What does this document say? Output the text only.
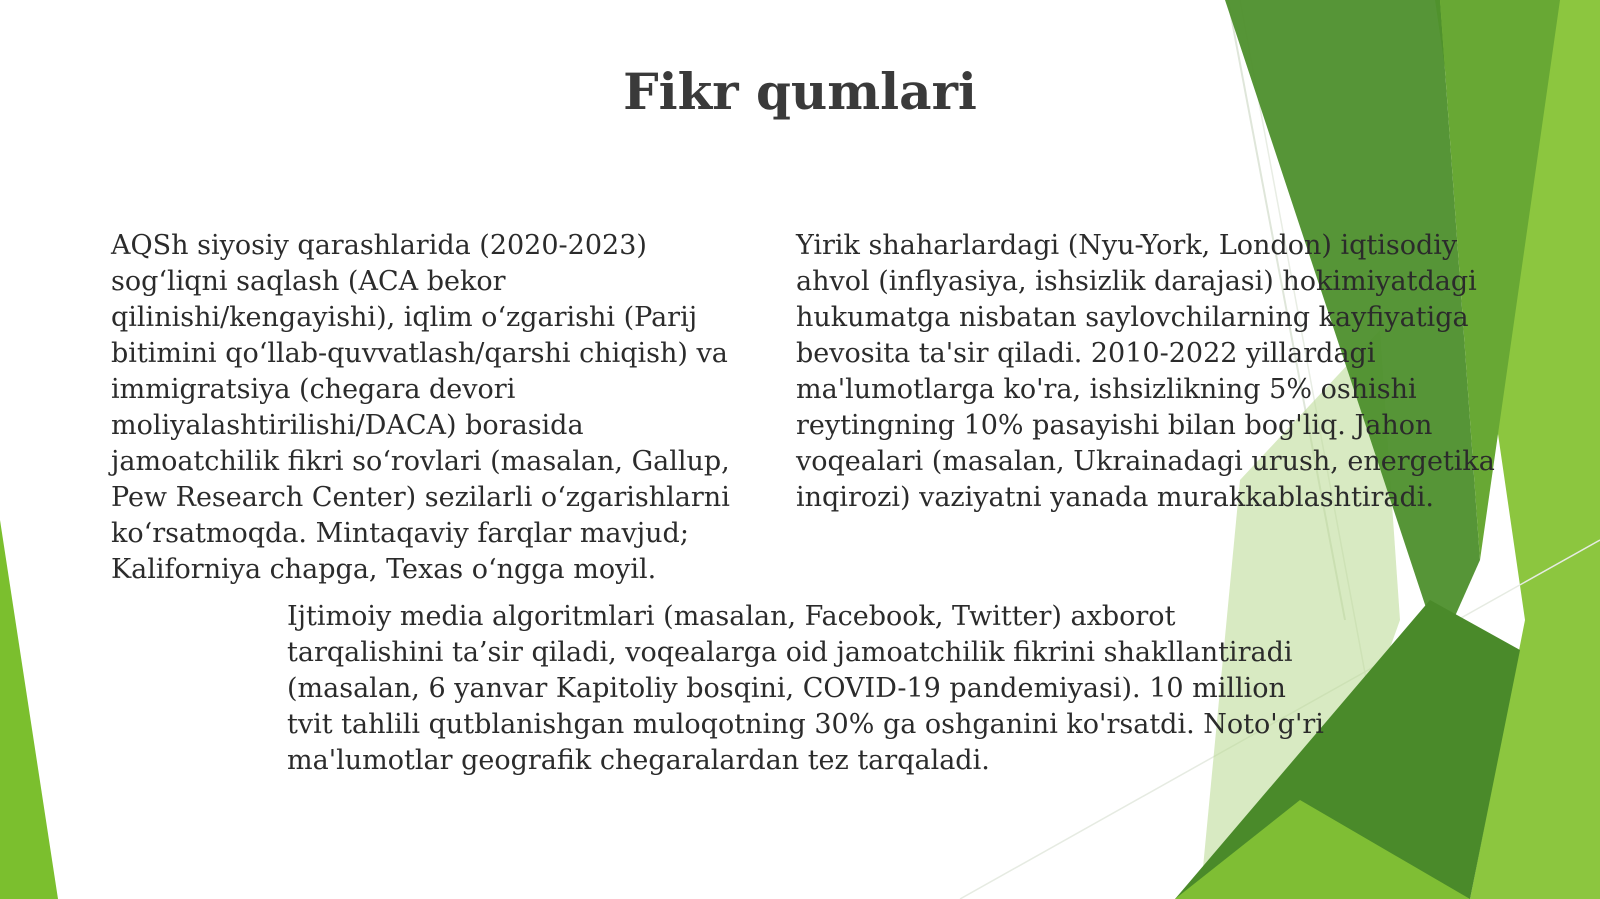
Fikr qumlari

AQSh siyosiy qarashlarida (2020-2023) sog‘liqni saqlash (ACA bekor qilinishi/kengayishi), iqlim o‘zgarishi (Parij bitimini qo‘llab-quvvatlash/qarshi chiqish) va immigratsiya (chegara devori moliyalashtirilishi/DACA) borasida jamoatchilik fikri so‘rovlari (masalan, Gallup, Pew Research Center) sezilarli o‘zgarishlarni ko‘rsatmoqda. Mintaqaviy farqlar mavjud; Kaliforniya chapga, Texas o‘ngga moyil.

Yirik shaharlardagi (Nyu-York, London) iqtisodiy ahvol (inflyasiya, ishsizlik darajasi) hokimiyatdagi hukumatga nisbatan saylovchilarning kayfiyatiga bevosita ta'sir qiladi. 2010-2022 yillardagi ma'lumotlarga ko'ra, ishsizlikning 5% oshishi reytingning 10% pasayishi bilan bog'liq. Jahon voqealari (masalan, Ukrainadagi urush, energetika inqirozi) vaziyatni yanada murakkablashtiradi.

Ijtimoiy media algoritmlari (masalan, Facebook, Twitter) axborot tarqalishini ta’sir qiladi, voqealarga oid jamoatchilik fikrini shakllantiradi (masalan, 6 yanvar Kapitoliy bosqini, COVID-19 pandemiyasi). 10 million tvit tahlili qutblanishgan muloqotning 30% ga oshganini ko'rsatdi. Noto'g'ri ma'lumotlar geografik chegaralardan tez tarqaladi.
